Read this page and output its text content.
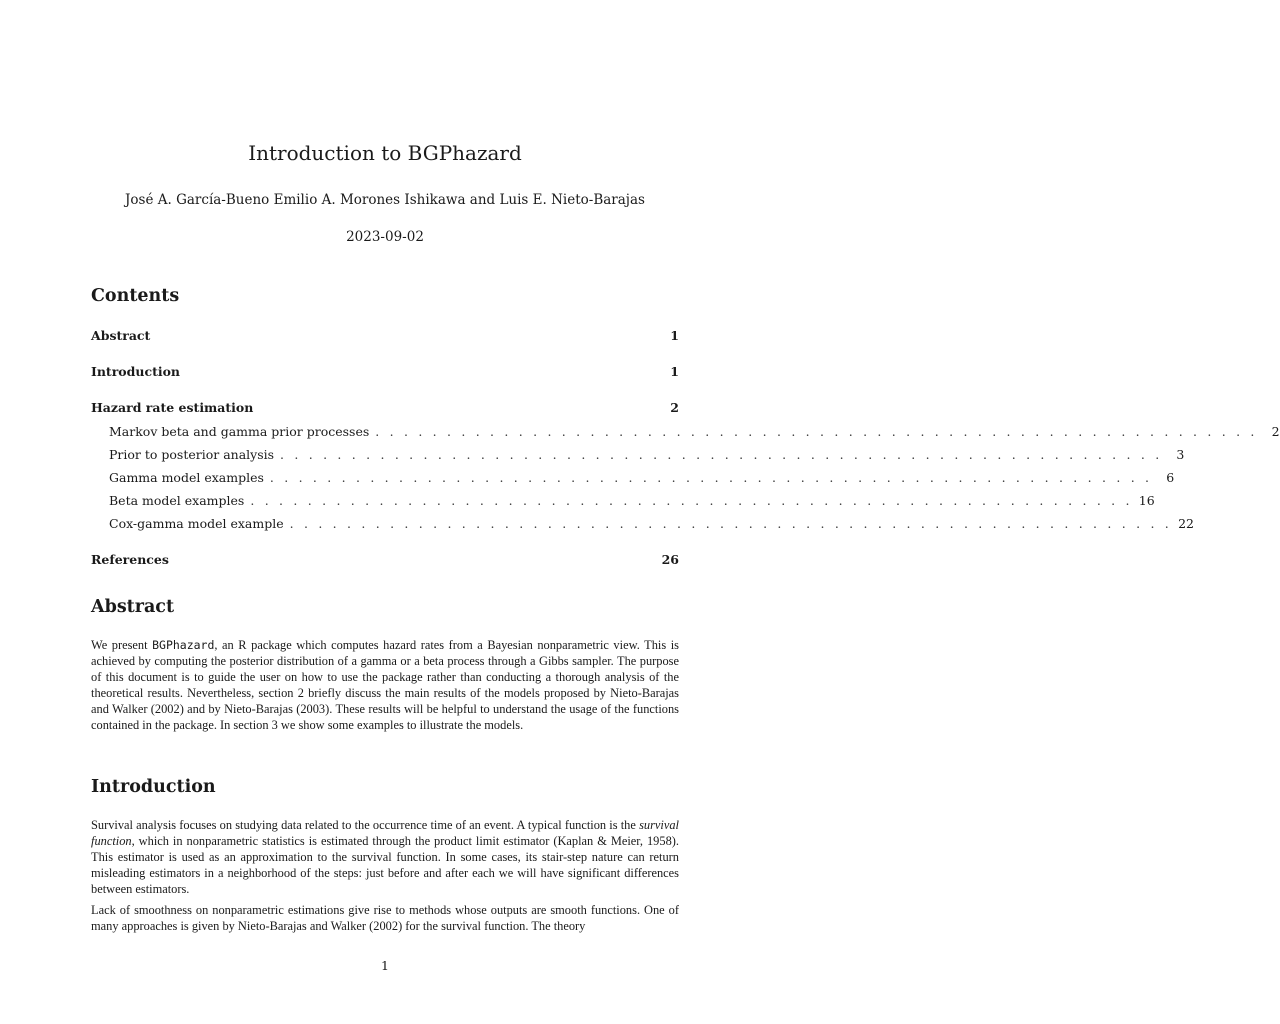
Introduction to BGPhazard
José A. García-Bueno Emilio A. Morones Ishikawa and Luis E. Nieto-Barajas
2023-09-02
Contents
Abstract	1
Introduction	1
Hazard rate estimation	2
Markov beta and gamma prior processes . . . . . . . . . . . . . . . . . . . . . . . . . . . . . . . . . . . . . . . . . . . . . . . . . . . . . . . . . . . . . .	2
Prior to posterior analysis . . . . . . . . . . . . . . . . . . . . . . . . . . . . . . . . . . . . . . . . . . . . . . . . . . . . . . . . . . . . . .	3
Gamma model examples . . . . . . . . . . . . . . . . . . . . . . . . . . . . . . . . . . . . . . . . . . . . . . . . . . . . . . . . . . . . . .	6
Beta model examples . . . . . . . . . . . . . . . . . . . . . . . . . . . . . . . . . . . . . . . . . . . . . . . . . . . . . . . . . . . . . . 16
Cox-gamma model example . . . . . . . . . . . . . . . . . . . . . . . . . . . . . . . . . . . . . . . . . . . . . . . . . . . . . . . . . . . . . . 22
References	26
Abstract
We present BGPhazard, an R package which computes hazard rates from a Bayesian nonparametric view. This is achieved by computing the posterior distribution of a gamma or a beta process through a Gibbs sampler. The purpose of this document is to guide the user on how to use the package rather than conducting a thorough analysis of the theoretical results. Nevertheless, section 2 briefly discuss the main results of the models proposed by Nieto-Barajas and Walker (2002) and by Nieto-Barajas (2003). These results will be helpful to understand the usage of the functions contained in the package. In section 3 we show some examples to illustrate the models.
Introduction
Survival analysis focuses on studying data related to the occurrence time of an event. A typical function is the survival function, which in nonparametric statistics is estimated through the product limit estimator (Kaplan & Meier, 1958). This estimator is used as an approximation to the survival function. In some cases, its stair-step nature can return misleading estimators in a neighborhood of the steps: just before and after each we will have significant differences between estimators.
Lack of smoothness on nonparametric estimations give rise to methods whose outputs are smooth functions. One of many approaches is given by Nieto-Barajas and Walker (2002) for the survival function. The theory
1
